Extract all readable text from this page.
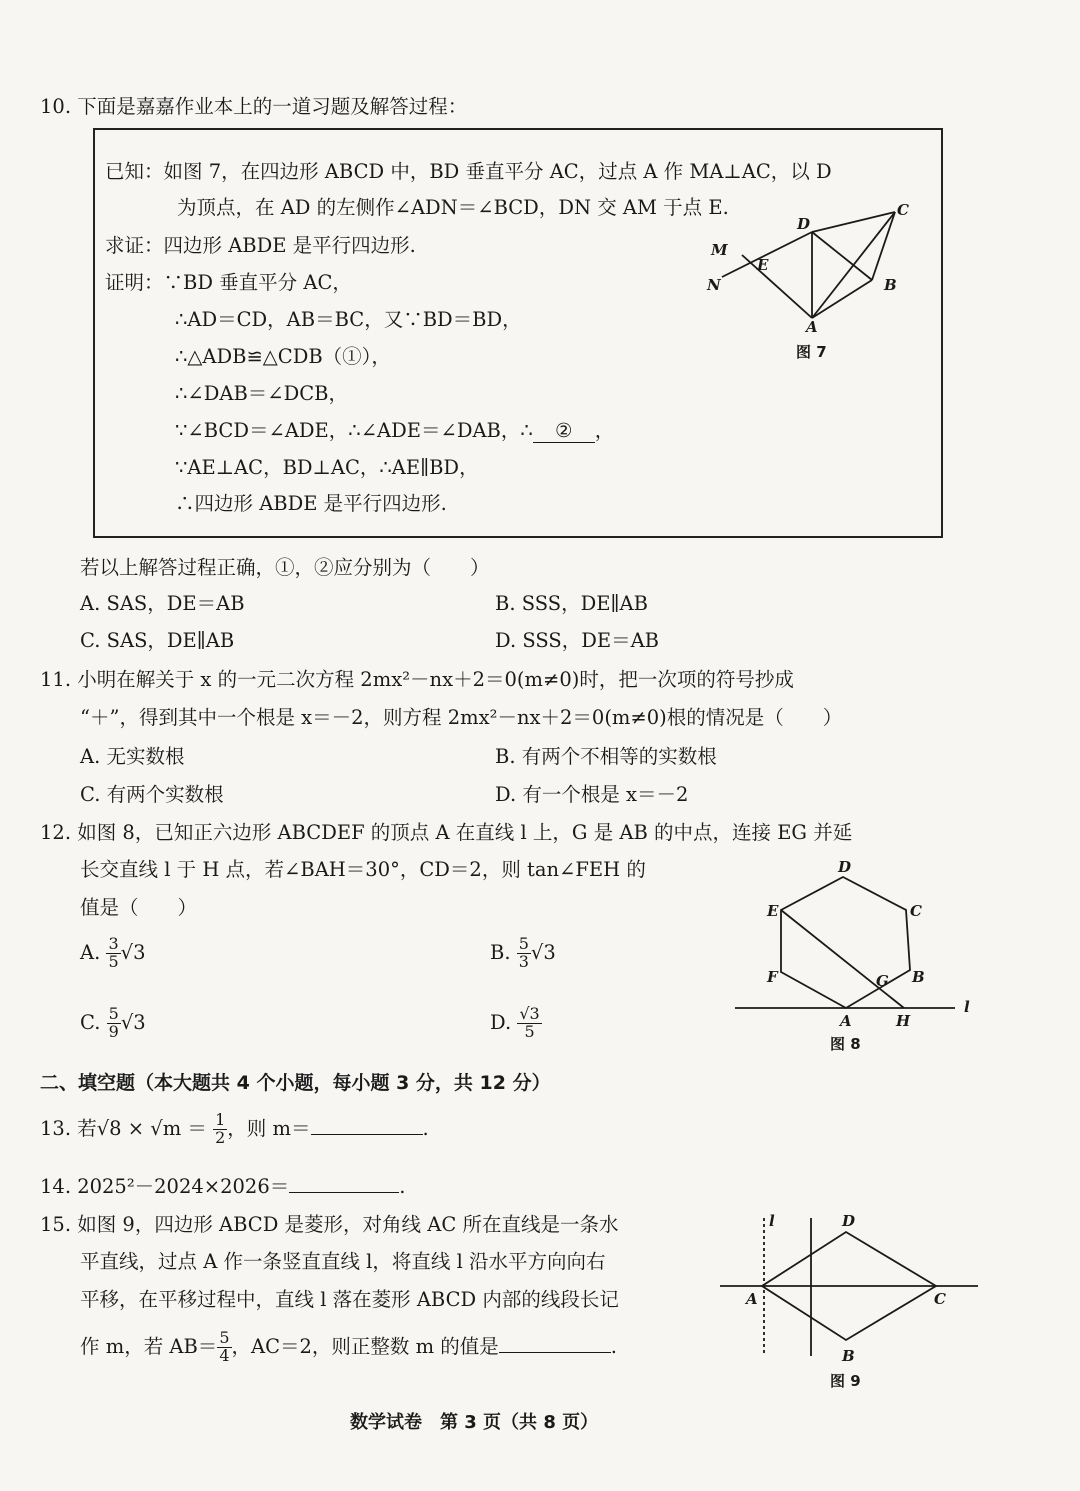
10. 下面是嘉嘉作业本上的一道习题及解答过程：
已知：如图 7，在四边形 ABCD 中，BD 垂直平分 AC，过点 A 作 MA⊥AC，以 D
为顶点，在 AD 的左侧作∠ADN＝∠BCD，DN 交 AM 于点 E.
求证：四边形 ABDE 是平行四边形.
证明：∵BD 垂直平分 AC，
∴AD＝CD，AB＝BC，又∵BD＝BD，
∴△ADB≌△CDB（①），
∴∠DAB＝∠DCB，
∵∠BCD＝∠ADE，∴∠ADE＝∠DAB，∴ ② ，
∵AE⊥AC，BD⊥AC，∴AE∥BD，
∴四边形 ABDE 是平行四边形.
D
C
M
E
N	B
A
图 7
若以上解答过程正确，①，②应分别为（　　）
A. SAS，DE＝AB	B. SSS，DE∥AB
C. SAS，DE∥AB	D. SSS，DE＝AB
11. 小明在解关于 x 的一元二次方程 2mx²－nx＋2＝0(m≠0)时，把一次项的符号抄成
“＋”，得到其中一个根是 x＝－2，则方程 2mx²－nx＋2＝0(m≠0)根的情况是（　　）
A. 无实数根	B. 有两个不相等的实数根
C. 有两个实数根	D. 有一个根是 x＝－2
12. 如图 8，已知正六边形 ABCDEF 的顶点 A 在直线 l 上，G 是 AB 的中点，连接 EG 并延
长交直线 l 于 H 点，若∠BAH＝30°，CD＝2，则 tan∠FEH 的
值是（　　）
A. $\frac{3}{5} √3$	B. $\frac{5}{3} √3$
C. $\frac{5}{9} √3$	D. $\frac{√3}{5}$
D
E	C
F	G B
A	H
l
图 8
二、填空题（本大题共 4 个小题，每小题 3 分，共 12 分）
13. 若$√8 \times √m = \frac{1}{2}$ ，则 m＝	.
14. 2025²－2024×2026＝	.
15. 如图 9，四边形 ABCD 是菱形，对角线 AC 所在直线是一条水
平直线，过点 A 作一条竖直直线 l，将直线 l 沿水平方向向右
平移，在平移过程中，直线 l 落在菱形 ABCD 内部的线段长记
作 m，若 $AB= \frac{5}{4}$ ，AC＝2，则正整数 m 的值是	.
l	D
A	C
B
图 9
数学试卷　第 3 页（共 8 页）
